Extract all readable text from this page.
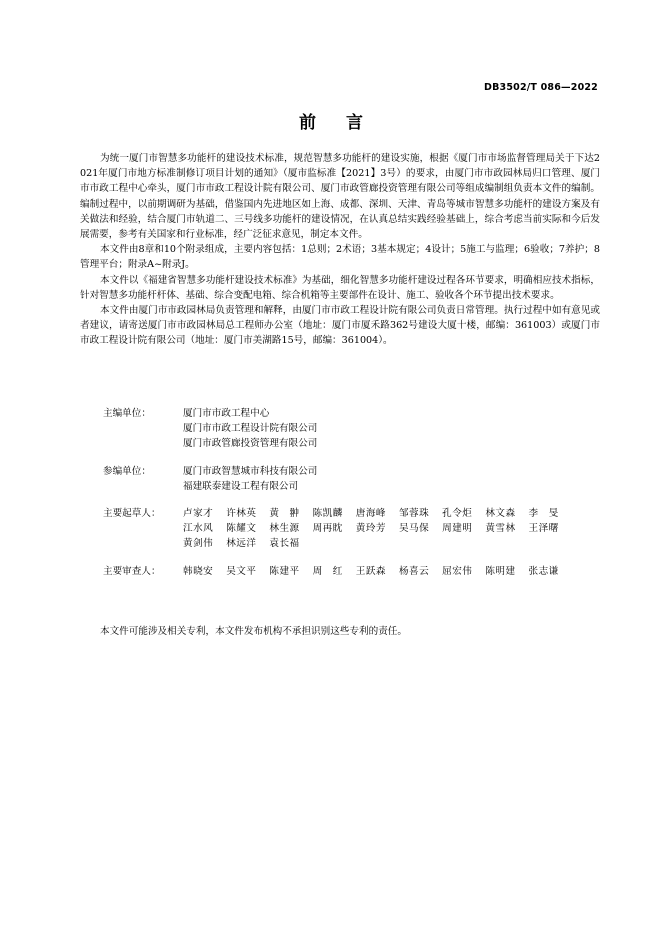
DB3502/T 086—2022
前言

为统一厦门市智慧多功能杆的建设技术标准，规范智慧多功能杆的建设实施，根据《厦门市市场监督管理局关于下达2021年厦门市地方标准制修订项目计划的通知》（厦市监标准【2021】3号）的要求，由厦门市市政园林局归口管理、厦门市市政工程中心牵头，厦门市市政工程设计院有限公司、厦门市政管廊投资管理有限公司等组成编制组负责本文件的编制。编制过程中，以前期调研为基础，借鉴国内先进地区如上海、成都、深圳、天津、青岛等城市智慧多功能杆的建设方案及有关做法和经验，结合厦门市轨道二、三号线多功能杆的建设情况，在认真总结实践经验基础上，综合考虑当前实际和今后发展需要，参考有关国家和行业标准，经广泛征求意见，制定本文件。

本文件由8章和10个附录组成，主要内容包括：1总则；2术语；3基本规定；4设计；5施工与监理；6验收；7养护；8管理平台；附录A~附录J。

本文件以《福建省智慧多功能杆建设技术标准》为基础，细化智慧多功能杆建设过程各环节要求，明确相应技术指标，针对智慧多功能杆杆体、基础、综合变配电箱、综合机箱等主要部件在设计、施工、验收各个环节提出技术要求。

本文件由厦门市市政园林局负责管理和解释，由厦门市市政工程设计院有限公司负责日常管理。执行过程中如有意见或者建议，请寄送厦门市市政园林局总工程师办公室（地址：厦门市厦禾路362号建设大厦十楼，邮编：361003）或厦门市市政工程设计院有限公司（地址：厦门市美湖路15号，邮编：361004）。

主编单位：	厦门市市政工程中心
厦门市市政工程设计院有限公司
厦门市政管廊投资管理有限公司
参编单位：	厦门市政智慧城市科技有限公司
福建联泰建设工程有限公司
主要起草人：	卢家才	许林英	黄　翀	陈凯麟	唐海峰	邹蓉珠	孔令炬	林文森	李　旻
江水风	陈耀文	林生源	周再眈	黄玲芳	吴马保	周建明	黄雪林	王泽曙
黄剑伟	林远洋	袁长福
主要审查人：	韩晓安	吴文平	陈建平	周　红	王跃森	杨喜云	屈宏伟	陈明建	张志谦
本文件可能涉及相关专利，本文件发布机构不承担识别这些专利的责任。
